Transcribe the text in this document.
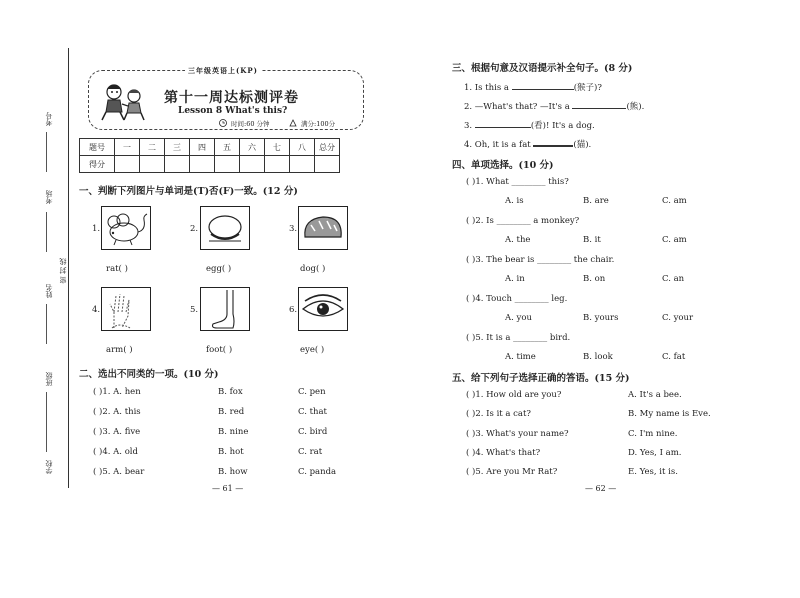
考号
考场
姓名
密 封 线
班级
学校
三年级英语上(KP)
第十一周达标测评卷
Lesson 8 What's this?
时间:60 分钟	满分:100分
题号	一	二	三	四	五	六	七	八	总分
得分									
一、判断下列图片与单词是(T)否(F)一致。(12 分)
1.
rat( )
2.
egg( )
3.
dog( )
4.
arm( )
5.
foot( )
6.
eye( )
二、选出不同类的一项。(10 分)
( )1. A. hen	B. fox	C. pen
( )2. A. this	B. red	C. that
( )3. A. five	B. nine	C. bird
( )4. A. old	B. hot	C. rat
( )5. A. bear	B. how	C. panda
— 61 —
三、根据句意及汉语提示补全句子。(8 分)
1. Is this a	(猴子)?
2. —What's that? —It's a	(熊).
3.	(看)! It's a dog.
4. Oh, it is a fat	(猫).
四、单项选择。(10 分)
( )1. What ________ this?
A. is	B. are	C. am
( )2. Is ________ a monkey?
A. the	B. it	C. am
( )3. The bear is ________ the chair.
A. in	B. on	C. an
( )4. Touch ________ leg.
A. you	B. yours	C. your
( )5. It is a ________ bird.
A. time	B. look	C. fat
五、给下列句子选择正确的答语。(15 分)
( )1. How old are you?	A. It's a bee.
( )2. Is it a cat?	B. My name is Eve.
( )3. What's your name?	C. I'm nine.
( )4. What's that?	D. Yes, I am.
( )5. Are you Mr Rat?	E. Yes, it is.
— 62 —
